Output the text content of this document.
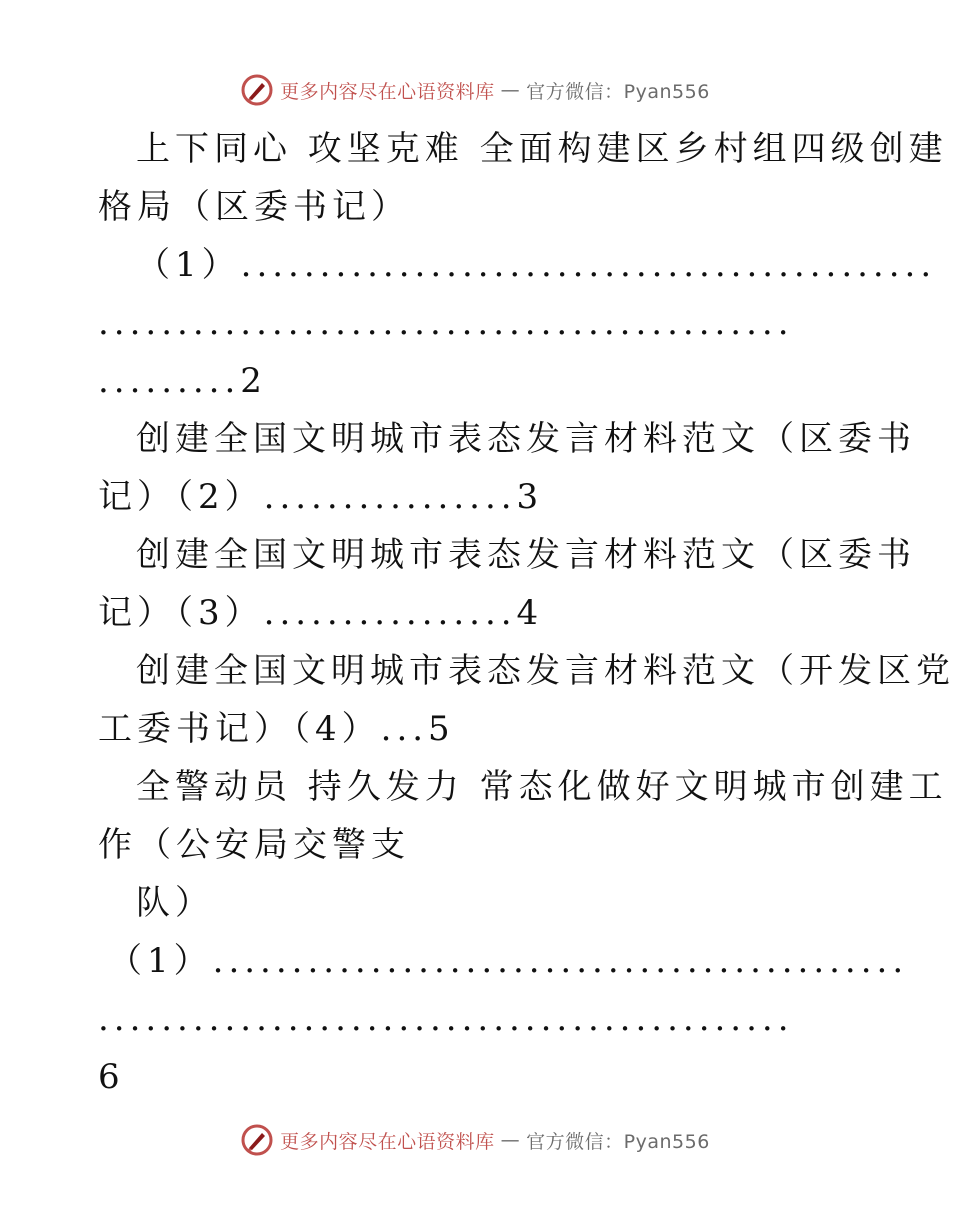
更多内容尽在心语资料库 — 官方微信：Pyan556
上下同心 攻坚克难 全面构建区乡村组四级创建
格局（区委书记）
（1）............................................
............................................
.........2
创建全国文明城市表态发言材料范文（区委书
记）（2）................3
创建全国文明城市表态发言材料范文（区委书
记）（3）................4
创建全国文明城市表态发言材料范文（开发区党
工委书记）（4）...5
全警动员 持久发力 常态化做好文明城市创建工
作（公安局交警支
队）
（1）............................................
............................................
6
更多内容尽在心语资料库 — 官方微信：Pyan556
